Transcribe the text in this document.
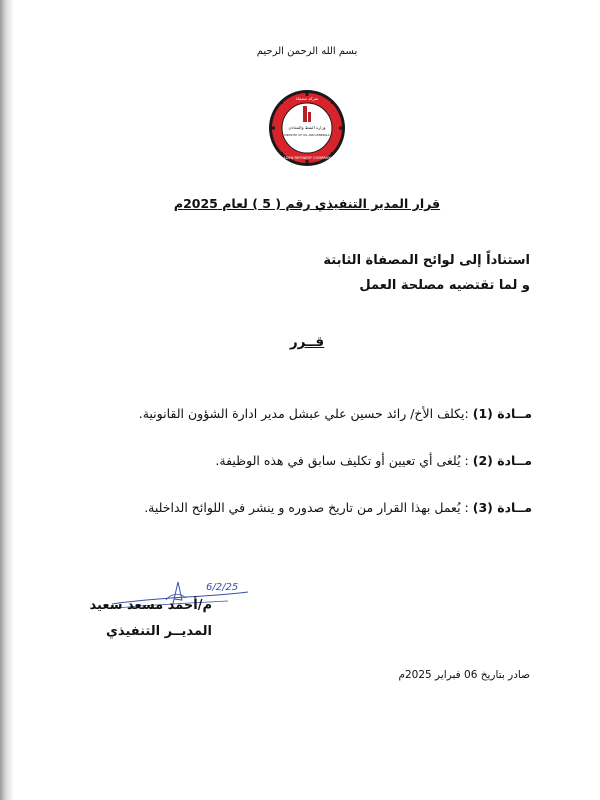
بسم الله الرحمن الرحيم
شركة مصفاة
وزارة النفط والمعادن
MINISTRY OF OIL AND MINERALS
ADEN REFINERY COMPANY
قرار المدير التنفيذي رقم ( 5 ) لعام 2025م
استناداً إلى لوائح المصفاة الثابتة
و لما تقتضيه مصلحة العمل
قــرر
مــادة (1) :يكلف الأخ/ رائد حسين علي عبشل مدير ادارة الشؤون القانونية.
مــادة (2) : يُلغى أي تعيين أو تكليف سابق في هذه الوظيفة.
مــادة (3) : يُعمل بهذا القرار من تاريخ صدوره و ينشر في اللوائح الداخلية.
6/2/25
م/أحمد مسعد سعيد
المديــر التنفيذي
صادر بتاريخ 06 فبراير 2025م
